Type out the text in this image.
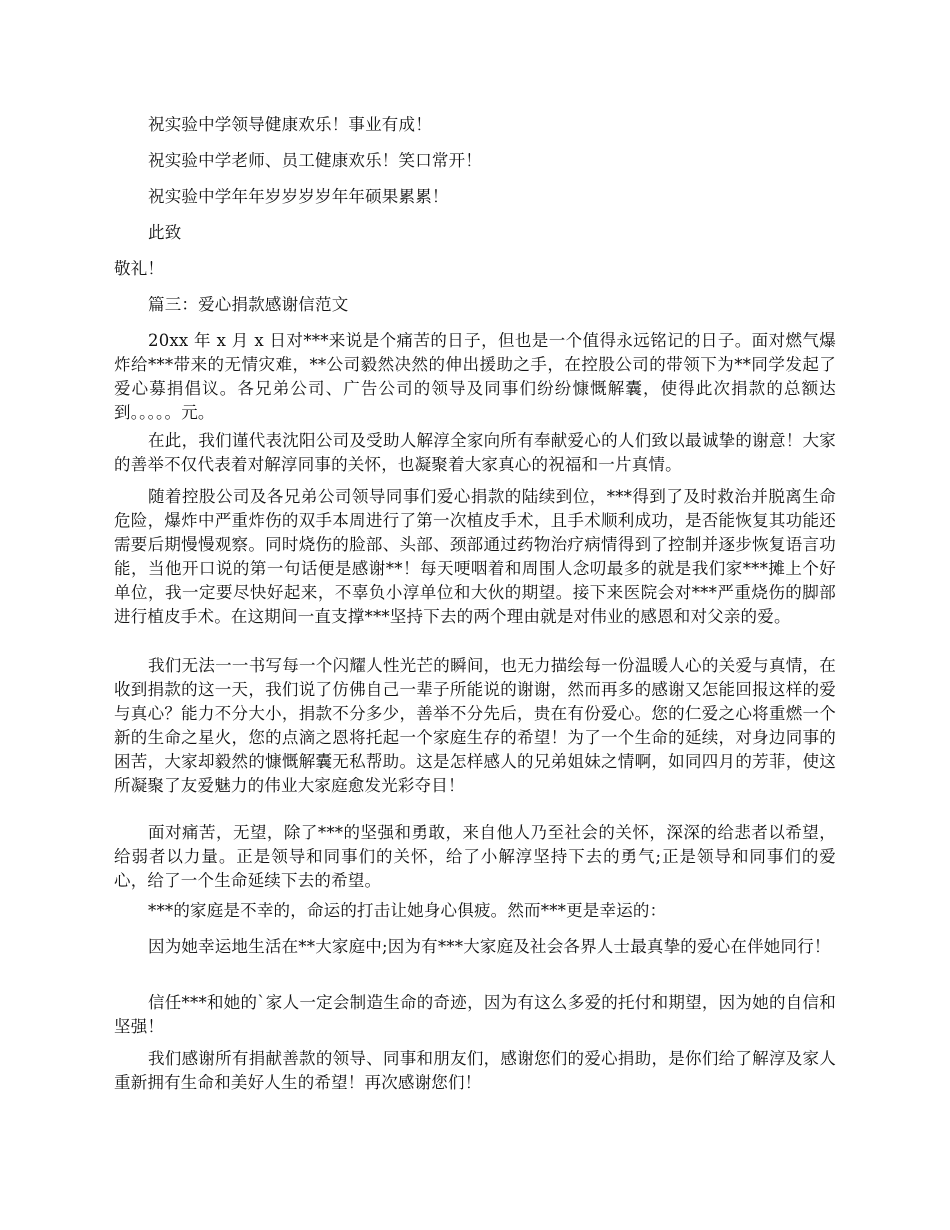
祝实验中学领导健康欢乐！事业有成！

祝实验中学老师、员工健康欢乐！笑口常开！

祝实验中学年年岁岁岁岁年年硕果累累！

此致

敬礼！

篇三：爱心捐款感谢信范文

20xx 年 x 月 x 日对***来说是个痛苦的日子，但也是一个值得永远铭记的日子。面对燃气爆炸给***带来的无情灾难，**公司毅然决然的伸出援助之手，在控股公司的带领下为**同学发起了爱心募捐倡议。各兄弟公司、广告公司的领导及同事们纷纷慷慨解囊，使得此次捐款的总额达到。。。。。元。

在此，我们谨代表沈阳公司及受助人解淳全家向所有奉献爱心的人们致以最诚挚的谢意！大家的善举不仅代表着对解淳同事的关怀，也凝聚着大家真心的祝福和一片真情。

随着控股公司及各兄弟公司领导同事们爱心捐款的陆续到位，***得到了及时救治并脱离生命危险，爆炸中严重炸伤的双手本周进行了第一次植皮手术，且手术顺利成功，是否能恢复其功能还需要后期慢慢观察。同时烧伤的脸部、头部、颈部通过药物治疗病情得到了控制并逐步恢复语言功能，当他开口说的第一句话便是感谢**！每天哽咽着和周围人念叨最多的就是我们家***摊上个好单位，我一定要尽快好起来，不辜负小淳单位和大伙的期望。接下来医院会对***严重烧伤的脚部进行植皮手术。在这期间一直支撑***坚持下去的两个理由就是对伟业的感恩和对父亲的爱。

我们无法一一书写每一个闪耀人性光芒的瞬间，也无力描绘每一份温暖人心的关爱与真情，在收到捐款的这一天，我们说了仿佛自己一辈子所能说的谢谢，然而再多的感谢又怎能回报这样的爱与真心？能力不分大小，捐款不分多少，善举不分先后，贵在有份爱心。您的仁爱之心将重燃一个新的生命之星火，您的点滴之恩将托起一个家庭生存的希望！为了一个生命的延续，对身边同事的困苦，大家却毅然的慷慨解囊无私帮助。这是怎样感人的兄弟姐妹之情啊，如同四月的芳菲，使这所凝聚了友爱魅力的伟业大家庭愈发光彩夺目！

面对痛苦，无望，除了***的坚强和勇敢，来自他人乃至社会的关怀，深深的给悲者以希望，给弱者以力量。正是领导和同事们的关怀，给了小解淳坚持下去的勇气;正是领导和同事们的爱心，给了一个生命延续下去的希望。

***的家庭是不幸的，命运的打击让她身心俱疲。然而***更是幸运的：

因为她幸运地生活在**大家庭中;因为有***大家庭及社会各界人士最真挚的爱心在伴她同行！

信任***和她的`家人一定会制造生命的奇迹，因为有这么多爱的托付和期望，因为她的自信和坚强！

我们感谢所有捐献善款的领导、同事和朋友们，感谢您们的爱心捐助，是你们给了解淳及家人重新拥有生命和美好人生的希望！再次感谢您们！
